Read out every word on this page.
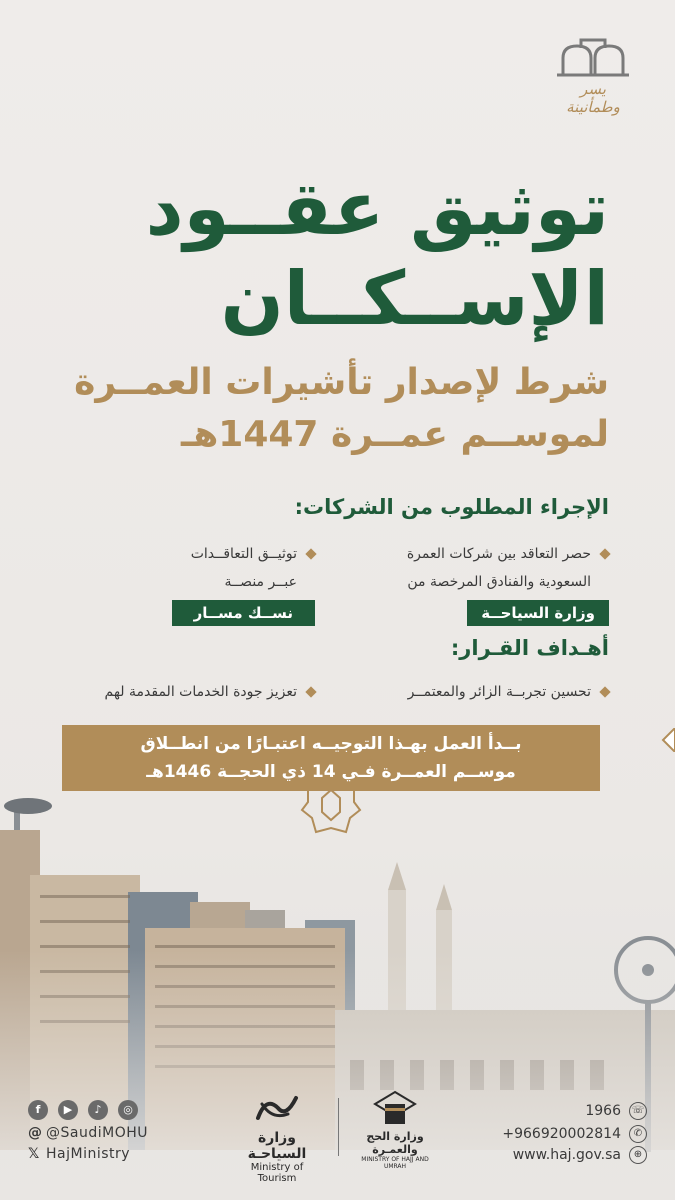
يسر وطمأنينة
توثيق عقــود
الإســكــان
شرط لإصدار تأشيرات العمــرة
لموســم عمــرة 1447هـ
الإجراء المطلوب من الشركات:
حصر التعاقد بين شركات العمرة
السعودية والفنادق المرخصة من
وزارة السياحــة
توثيــق التعاقــدات
عبــر منصــة
نســك مســار
أهـداف القـرار:
تحسين تجربــة الزائر والمعتمــر
تعزيز جودة الخدمات المقدمة لهم
بــدأ العمل بهـذا التوجيــه اعتبـارًا من انطــلاق
موســم العمــرة فـي 14 ذي الحجــة 1446هـ
f	▶	♪	◎
@ @SaudiMOHU
𝕏 HajMinistry
وزارة السياحـة
Ministry of Tourism
وزارة الحج والعمـرة
MINISTRY OF HAJJ AND UMRAH
1966 ☏
+966920002814 ✆
www.haj.gov.sa ⊕
